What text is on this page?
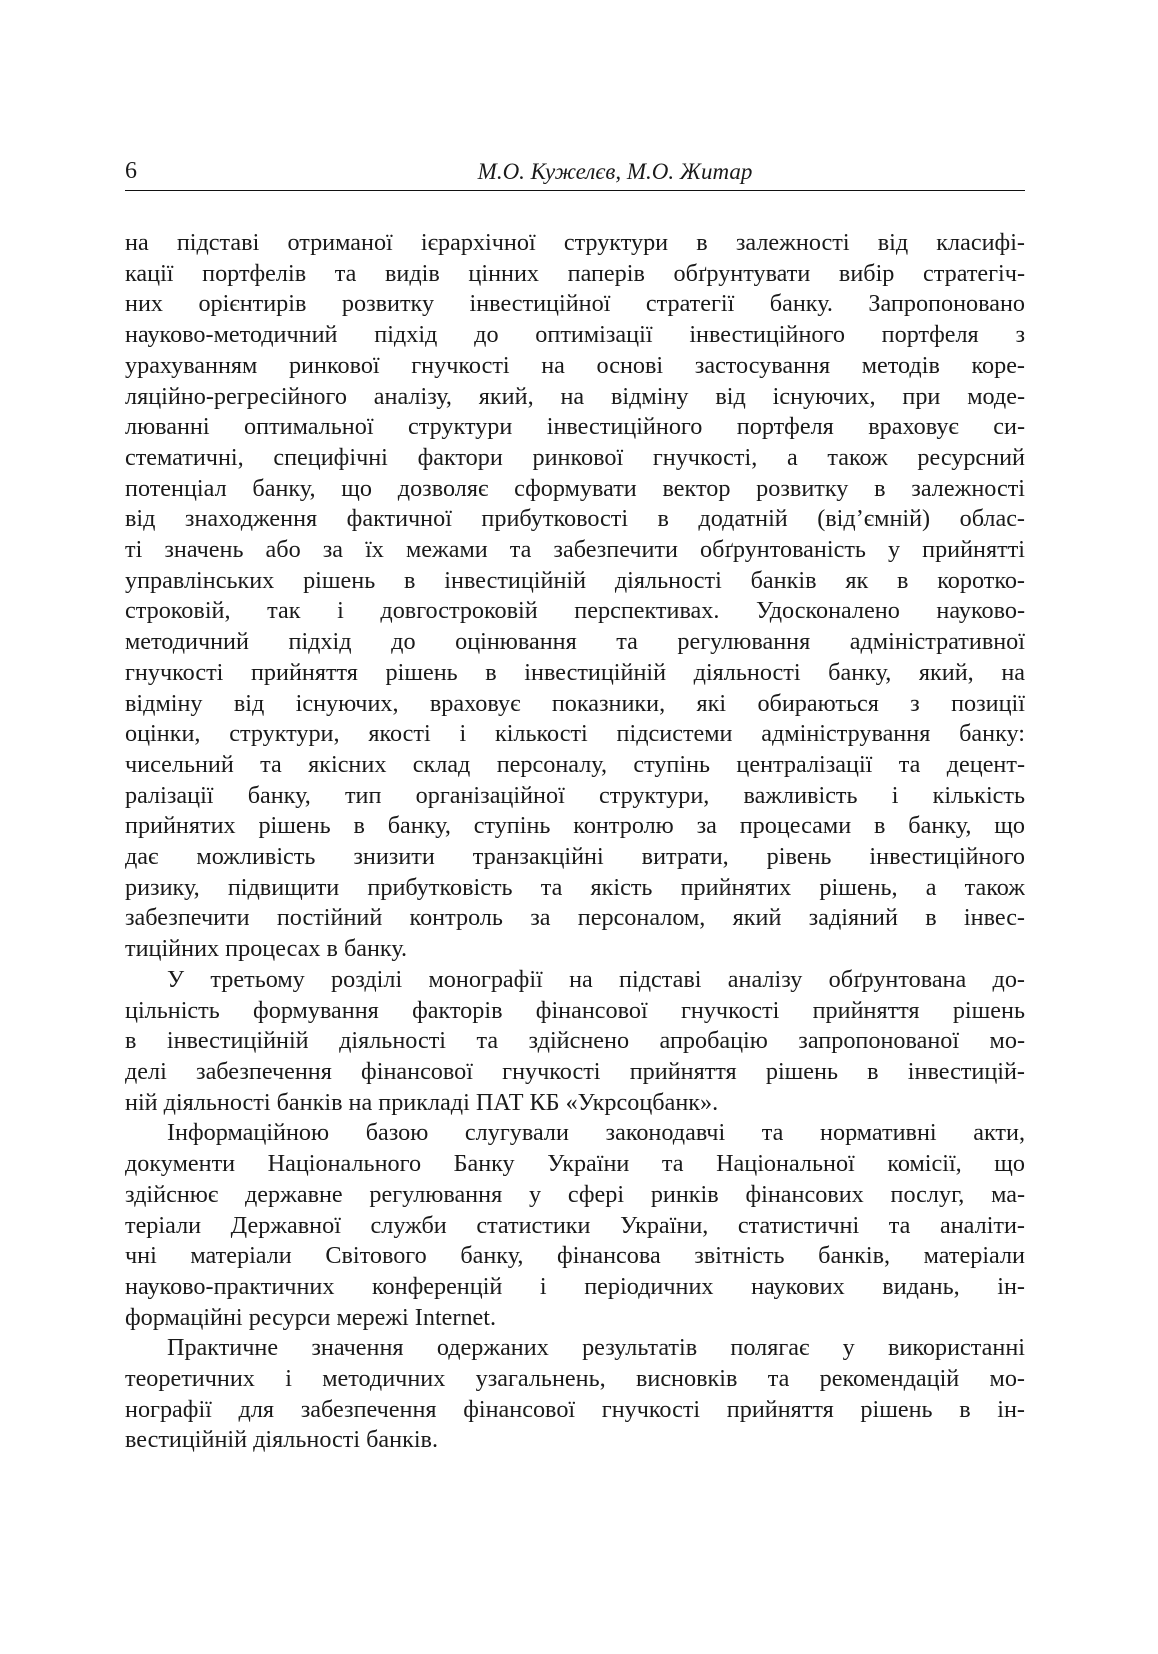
6	М.О. Кужелєв, М.О. Житар
на підставі отриманої ієрархічної структури в залежності від класифі-
кації портфелів та видів цінних паперів обґрунтувати вибір стратегіч-
них орієнтирів розвитку інвестиційної стратегії банку. Запропоновано
науково-методичний підхід до оптимізації інвестиційного портфеля з
урахуванням ринкової гнучкості на основі застосування методів коре-
ляційно-регресійного аналізу, який, на відміну від існуючих, при моде-
люванні оптимальної структури інвестиційного портфеля враховує си-
стематичні, специфічні фактори ринкової гнучкості, а також ресурсний
потенціал банку, що дозволяє сформувати вектор розвитку в залежності
від знаходження фактичної прибутковості в додатній (від’ємній) облас-
ті значень або за їх межами та забезпечити обґрунтованість у прийнятті
управлінських рішень в інвестиційній діяльності банків як в коротко-
строковій, так і довгостроковій перспективах. Удосконалено науково-
методичний підхід до оцінювання та регулювання адміністративної
гнучкості прийняття рішень в інвестиційній діяльності банку, який, на
відміну від існуючих, враховує показники, які обираються з позиції
оцінки, структури, якості і кількості підсистеми адміністрування банку:
чисельний та якісних склад персоналу, ступінь централізації та децент-
ралізації банку, тип організаційної структури, важливість і кількість
прийнятих рішень в банку, ступінь контролю за процесами в банку, що
дає можливість знизити транзакційні витрати, рівень інвестиційного
ризику, підвищити прибутковість та якість прийнятих рішень, а також
забезпечити постійний контроль за персоналом, який задіяний в інвес-
тиційних процесах в банку.
У третьому розділі монографії на підставі аналізу обґрунтована до-
цільність формування факторів фінансової гнучкості прийняття рішень
в інвестиційній діяльності та здійснено апробацію запропонованої мо-
делі забезпечення фінансової гнучкості прийняття рішень в інвестицій-
ній діяльності банків на прикладі ПАТ КБ «Укрсоцбанк».
Інформаційною базою слугували законодавчі та нормативні акти,
документи Національного Банку України та Національної комісії, що
здійснює державне регулювання у сфері ринків фінансових послуг, ма-
теріали Державної служби статистики України, статистичні та аналіти-
чні матеріали Світового банку, фінансова звітність банків, матеріали
науково-практичних конференцій і періодичних наукових видань, ін-
формаційні ресурси мережі Internet.
Практичне значення одержаних результатів полягає у використанні
теоретичних і методичних узагальнень, висновків та рекомендацій мо-
нографії для забезпечення фінансової гнучкості прийняття рішень в ін-
вестиційній діяльності банків.
